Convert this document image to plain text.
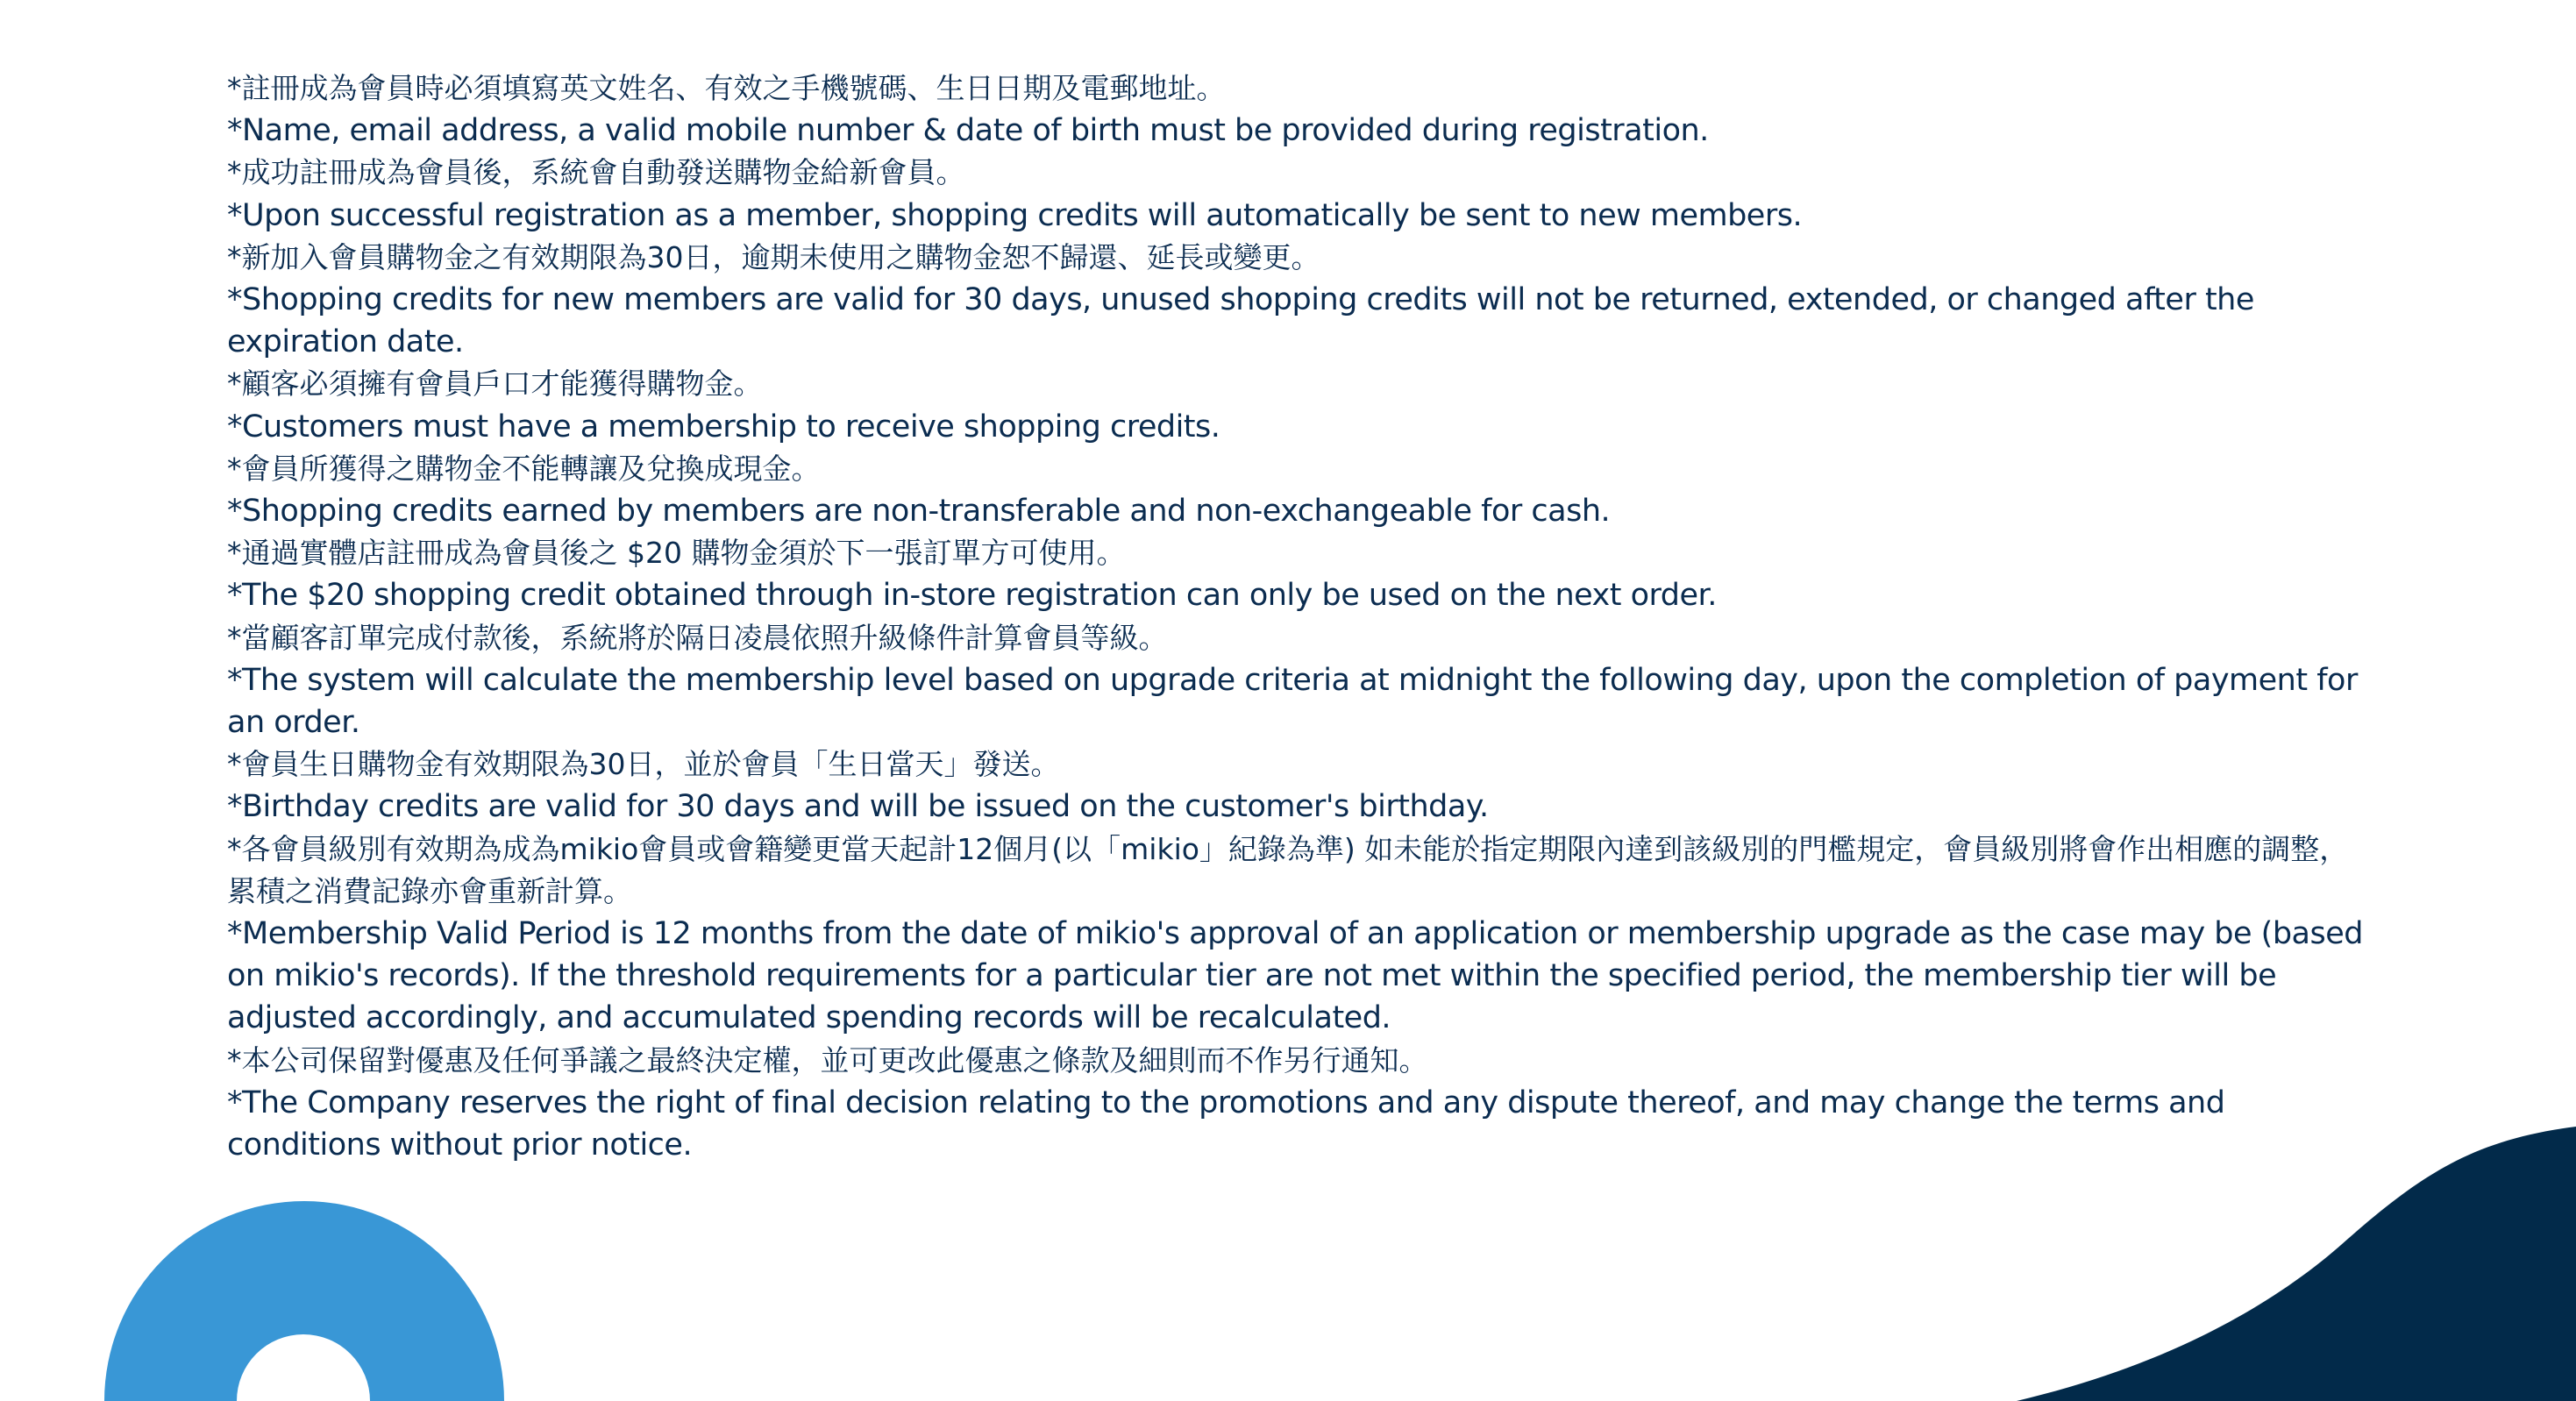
*註冊成為會員時必須填寫英文姓名、有效之手機號碼、生日日期及電郵地址。
*Name, email address, a valid mobile number & date of birth must be provided during registration.
*成功註冊成為會員後，系統會自動發送購物金給新會員。
*Upon successful registration as a member, shopping credits will automatically be sent to new members.
*新加入會員購物金之有效期限為30日，逾期未使用之購物金恕不歸還、延長或變更。
*Shopping credits for new members are valid for 30 days, unused shopping credits will not be returned, extended, or changed after the expiration date.
*顧客必須擁有會員戶口才能獲得購物金。
*Customers must have a membership to receive shopping credits.
*會員所獲得之購物金不能轉讓及兌換成現金。
*Shopping credits earned by members are non-transferable and non-exchangeable for cash.
*通過實體店註冊成為會員後之 $20 購物金須於下一張訂單方可使用。
*The $20 shopping credit obtained through in-store registration can only be used on the next order.
*當顧客訂單完成付款後，系統將於隔日凌晨依照升級條件計算會員等級。
*The system will calculate the membership level based on upgrade criteria at midnight the following day, upon the completion of payment for an order.
*會員生日購物金有效期限為30日，並於會員「生日當天」發送。
*Birthday credits are valid for 30 days and will be issued on the customer's birthday.
*各會員級別有效期為成為mikio會員或會籍變更當天起計12個月(以「mikio」紀錄為準) 如未能於指定期限內達到該級別的門檻規定，會員級別將會作出相應的調整，累積之消費記錄亦會重新計算。
*Membership Valid Period is 12 months from the date of mikio's approval of an application or membership upgrade as the case may be (based on mikio's records). If the threshold requirements for a particular tier are not met within the specified period, the membership tier will be adjusted accordingly, and accumulated spending records will be recalculated.
*本公司保留對優惠及任何爭議之最終決定權，並可更改此優惠之條款及細則而不作另行通知。
*The Company reserves the right of final decision relating to the promotions and any dispute thereof, and may change the terms and conditions without prior notice.
